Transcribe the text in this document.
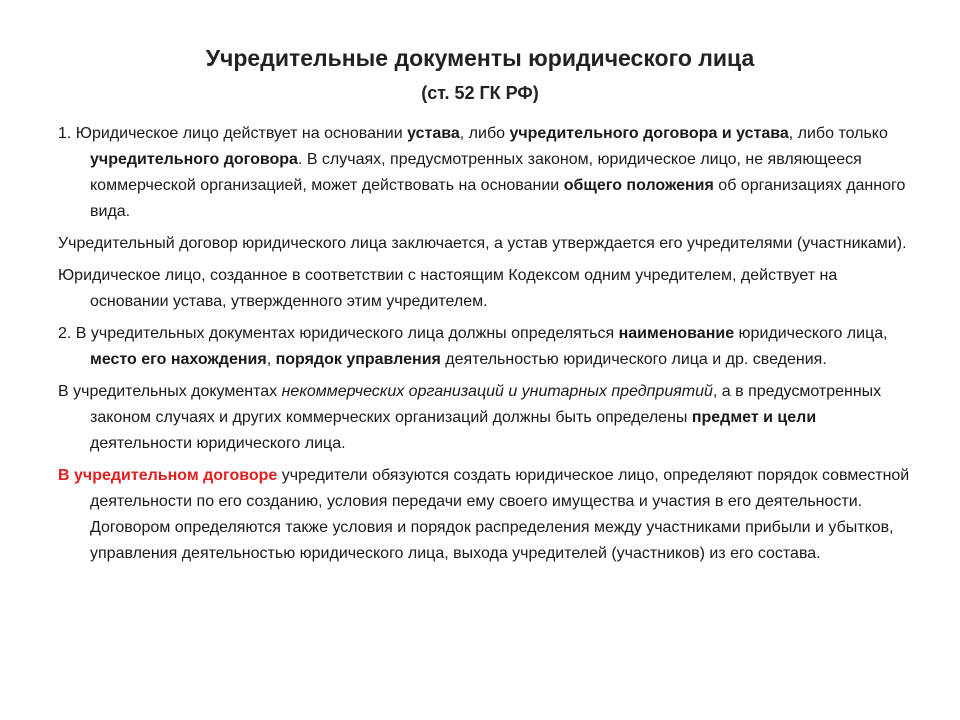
Учредительные документы юридического лица
(ст. 52 ГК РФ)

1. Юридическое лицо действует на основании устава, либо учредительного договора и устава, либо только учредительного договора. В случаях, предусмотренных законом, юридическое лицо, не являющееся коммерческой организацией, может действовать на основании общего положения об организациях данного вида.

Учредительный договор юридического лица заключается, а устав утверждается его учредителями (участниками).

Юридическое лицо, созданное в соответствии с настоящим Кодексом одним учредителем, действует на основании устава, утвержденного этим учредителем.

2. В учредительных документах юридического лица должны определяться наименование юридического лица, место его нахождения, порядок управления деятельностью юридического лица и др. сведения.

В учредительных документах некоммерческих организаций и унитарных предприятий, а в предусмотренных законом случаях и других коммерческих организаций должны быть определены предмет и цели деятельности юридического лица.

В учредительном договоре учредители обязуются создать юридическое лицо, определяют порядок совместной деятельности по его созданию, условия передачи ему своего имущества и участия в его деятельности. Договором определяются также условия и порядок распределения между участниками прибыли и убытков, управления деятельностью юридического лица, выхода учредителей (участников) из его состава.
